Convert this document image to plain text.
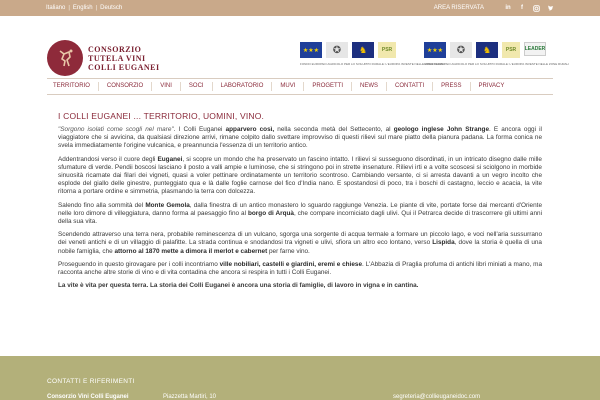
Italiano | English | Deutsch	AREA RISERVATA	in	f
CONSORZIO
TUTELA VINI
COLLI EUGANEI
★★★	✪	♞	PSR
FONDO EUROPEO AGRICOLO PER LO SVILUPPO RURALE: L'EUROPA INVESTE NELLE ZONE RURALI
★★★	✪	♞	PSR	LEADER
FONDO EUROPEO AGRICOLO PER LO SVILUPPO RURALE: L'EUROPA INVESTE NELLE ZONE RURALI
TERRITORIO	CONSORZIO	VINI	SOCI	LABORATORIO	MUVI	PROGETTI	NEWS	CONTATTI	PRESS	PRIVACY
I COLLI EUGANEI ... TERRITORIO, UOMINI, VINO.

"Sorgono isolati come scogli nel mare". I Colli Euganei apparvero così, nella seconda metà del Settecento, al geologo inglese John Strange. E ancora oggi il viaggiatore che si avvicina, da qualsiasi direzione arrivi, rimane colpito dallo svettare improvviso di questi rilievi sul mare piatto della pianura padana. La forma conica ne svela immediatamente l'origine vulcanica, e preannuncia l'essenza di un territorio antico.

Addentrandosi verso il cuore degli Euganei, si scopre un mondo che ha preservato un fascino intatto. I rilievi si susseguono disordinati, in un intricato disegno dalle mille sfumature di verde. Pendii boscosi lasciano il posto a valli ampie e luminose, che si stringono poi in strette insenature. Rilievi irti e a volte scoscesi si sciolgono in morbide sinuosità ricamate dai filari dei vigneti, quasi a voler pettinare ordinatamente un territorio scontroso. Cambiando versante, ci si arresta davanti a un vegro incolto che esplode del giallo delle ginestre, punteggiato qua e là dalle foglie carnose del fico d'India nano. E spostandosi di poco, tra i boschi di castagno, leccio e acacia, la vite ritorna a portare ordine e simmetria, plasmando la terra con dolcezza.

Salendo fino alla sommità del Monte Gemola, dalla finestra di un antico monastero lo sguardo raggiunge Venezia. Le piante di vite, portate forse dai mercanti d'Oriente nelle loro dimore di villeggiatura, danno forma al paesaggio fino al borgo di Arquà, che compare incorniciato dagli ulivi. Qui il Petrarca decide di trascorrere gli ultimi anni della sua vita.

Scendendo attraverso una terra nera, probabile reminescenza di un vulcano, sgorga una sorgente di acqua termale a formare un piccolo lago, e voci nell'aria sussurrano dei veneti antichi e di un villaggio di palafitte. La strada continua e snodandosi tra vigneti e ulivi, sfiora un altro eco lontano, verso Lispida, dove la storia è quella di una nobile famiglia, che attorno al 1870 mette a dimora il merlot e cabernet per farne vino.

Proseguendo in questo girovagare per i colli incontriamo ville nobiliari, castelli e giardini, eremi e chiese. L'Abbazia di Praglia profuma di antichi libri miniati a mano, ma racconta anche altre storie di vino e di vita contadina che ancora si respira in tutti i Colli Euganei.

La vite è vita per questa terra. La storia dei Colli Euganei è ancora una storia di famiglie, di lavoro in vigna e in cantina.

CONTATTI E RIFERIMENTI
Consorzio Vini Colli Euganei	Piazzetta Martiri, 10	segreteria@collieuganeidoc.com
